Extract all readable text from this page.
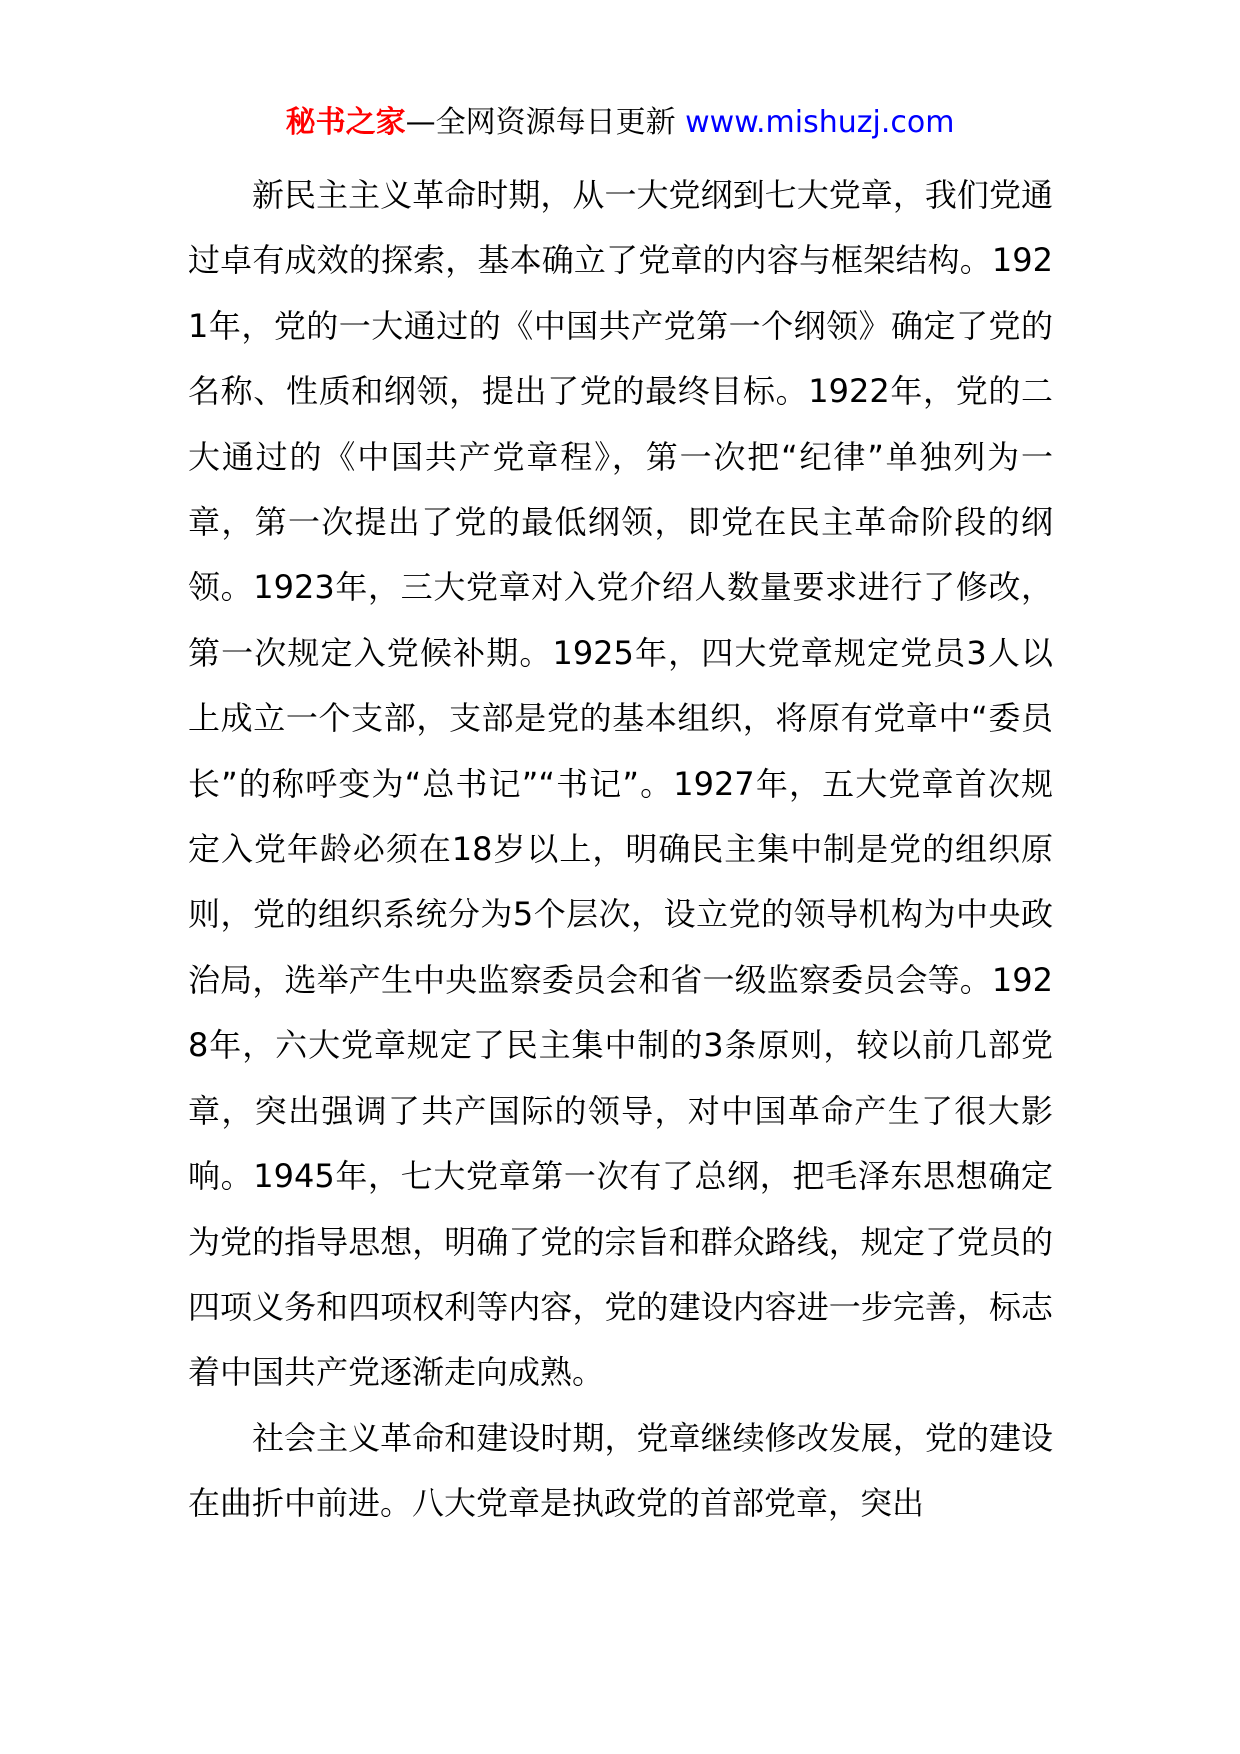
秘书之家—全网资源每日更新 www.mishuzj.com

新民主主义革命时期，从一大党纲到七大党章，我们党通过卓有成效的探索，基本确立了党章的内容与框架结构。1921年，党的一大通过的《中国共产党第一个纲领》确定了党的名称、性质和纲领，提出了党的最终目标。1922年，党的二大通过的《中国共产党章程》，第一次把“纪律”单独列为一章，第一次提出了党的最低纲领，即党在民主革命阶段的纲领。1923年，三大党章对入党介绍人数量要求进行了修改，第一次规定入党候补期。1925年，四大党章规定党员3人以上成立一个支部，支部是党的基本组织，将原有党章中“委员长”的称呼变为“总书记”“书记”。1927年，五大党章首次规定入党年龄必须在18岁以上，明确民主集中制是党的组织原则，党的组织系统分为5个层次，设立党的领导机构为中央政治局，选举产生中央监察委员会和省一级监察委员会等。1928年，六大党章规定了民主集中制的3条原则，较以前几部党章，突出强调了共产国际的领导，对中国革命产生了很大影响。1945年，七大党章第一次有了总纲，把毛泽东思想确定为党的指导思想，明确了党的宗旨和群众路线，规定了党员的四项义务和四项权利等内容，党的建设内容进一步完善，标志着中国共产党逐渐走向成熟。

社会主义革命和建设时期，党章继续修改发展，党的建设在曲折中前进。八大党章是执政党的首部党章，突出
